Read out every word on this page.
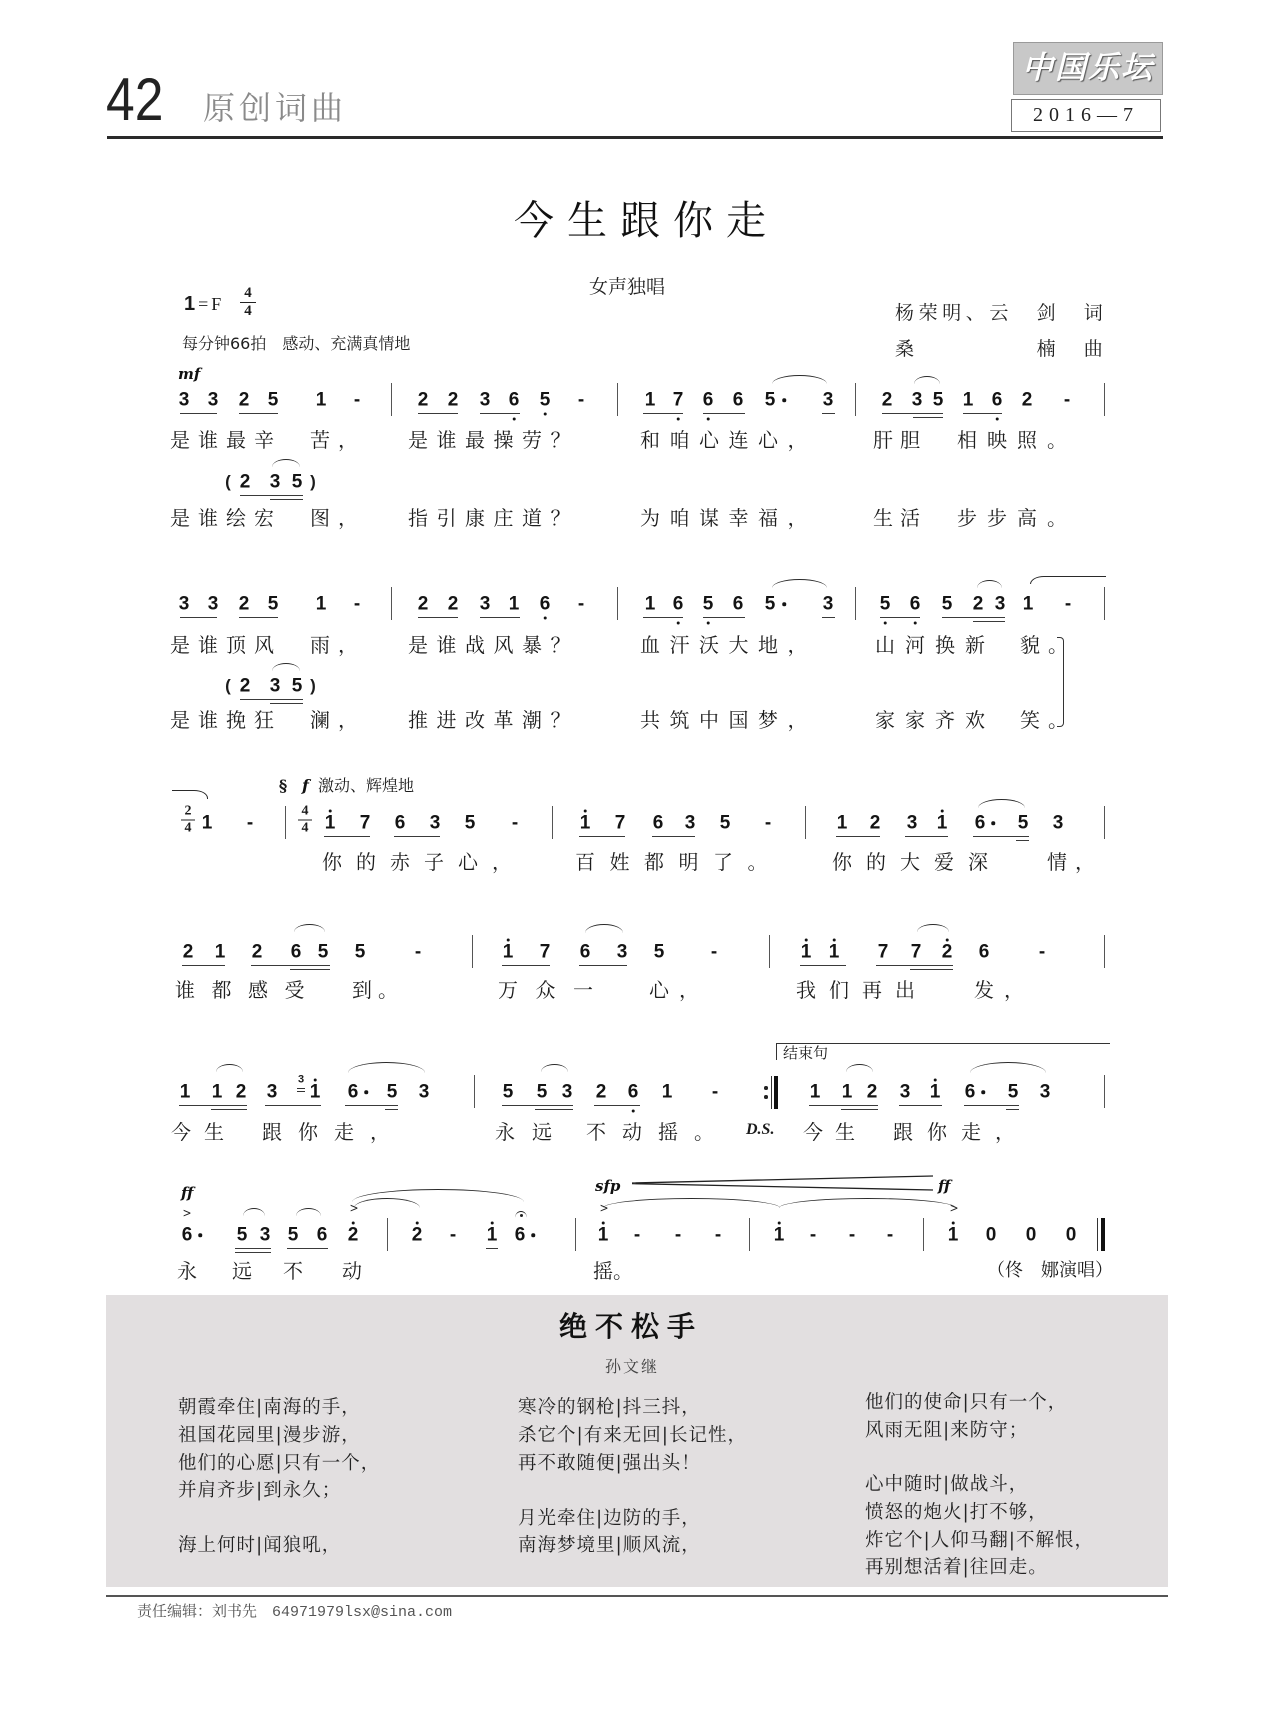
42 原创词曲
中国乐坛
2016—7
今生跟你走
女声独唱
1 = F $\frac{4}{4}$
每分钟66拍　感动、充满真情地
杨荣明、云　剑　词
桑　　　　　楠　曲
mf
3 3 2 5 1 -	2 2 3 6 5 -	1 7 6 6 5 3	2 3 5 1 6 2 -
是谁最辛 苦， 是谁最操劳？	和咱心连心，	肝胆 相映照。
( 2 3 5 )
是谁绘宏 图， 指引康庄道？	为咱谋幸福，	生活 步步高。
3 3 2 5 1 -	2 2 3 1 6 -	1 6 5 6 5 3 5 6 5 2 3 1 -
是谁顶风 雨， 是谁战风暴？	血汗沃大地，	山河换新 貌。
( 2 3 5 )
是谁挽狂 澜， 推进改革潮？	共筑中国梦，	家家齐欢 笑。
§
f 激动、辉煌地
$\frac{2}{4} 1$ -	$\frac{4}{4} 1$ 7 6 3 5 -	1 7 6 3 5 -	1 2 3 1 6 5 3
你的赤子心， 百姓都明了。	你的大爱深 情，
2 1 2 6 5 5	-	1 7 6 3 5 -	1 1 7 7 2 6	-
谁都感受 到。	万众一 心，	我们再出 发，
结束句
1 1 2 3
3
1 6 5 3	5 5 3 2 6 1 -	1 1 2 3 1 6 5 3
今生 跟你走，	永远 不动摇。 D.S. 今生 跟你走，
ff	sfp	ff
>
>
>
>
6 5 3 5 6 2	2 - 1 6	1 - - -	1 - - -	1 0 0 0
永 远 不 动	摇。	（佟　娜演唱）
绝不松手
孙文继
朝霞牵住|南海的手，
祖国花园里|漫步游，
他们的心愿|只有一个，
并肩齐步|到永久；
海上何时|闻狼吼，
寒冷的钢枪|抖三抖，
杀它个|有来无回|长记性，
再不敢随便|强出头！
月光牵住|边防的手，
南海梦境里|顺风流，
他们的使命|只有一个，
风雨无阻|来防守；
心中随时|做战斗，
愤怒的炮火|打不够，
炸它个|人仰马翻|不解恨，
再别想活着|往回走。
责任编辑：刘书先　 64971979lsx@sina.com
